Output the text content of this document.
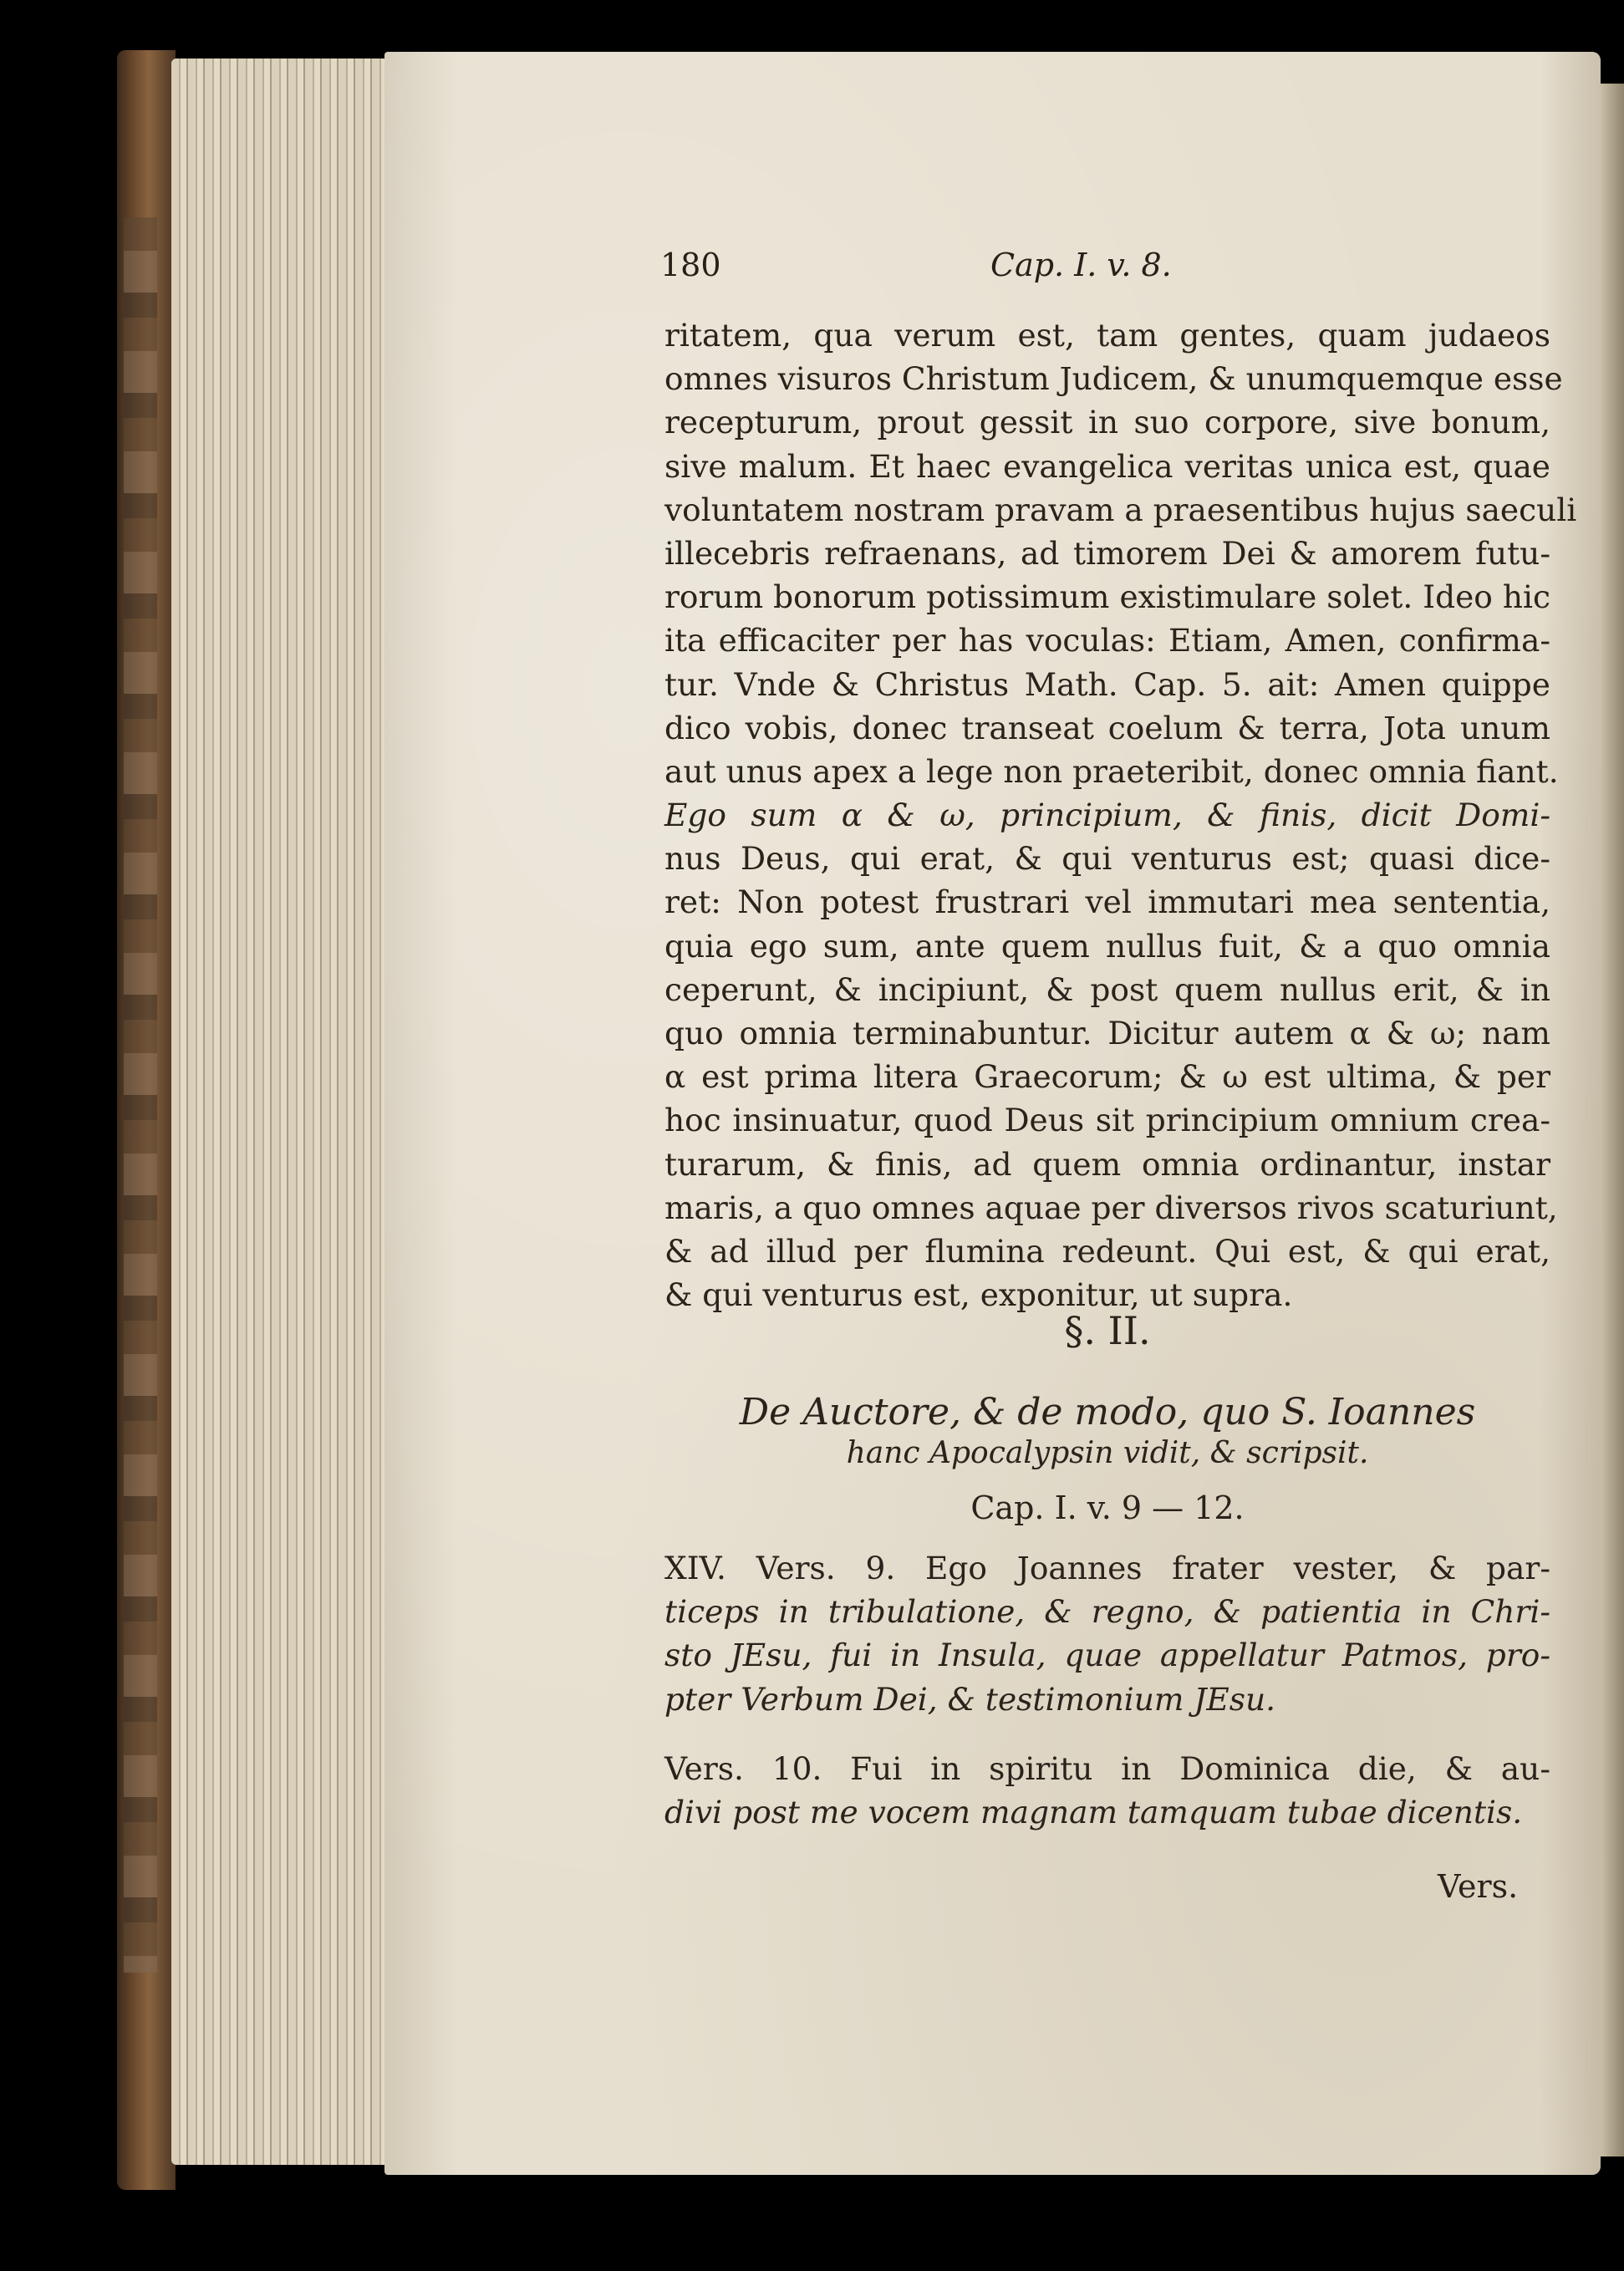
180	Cap. I. v. 8.
ritatem, qua verum est, tam gentes, quam judaeos
omnes visuros Christum Judicem, & unumquemque esse
recepturum, prout gessit in suo corpore, sive bonum,
sive malum. Et haec evangelica veritas unica est, quae
voluntatem nostram pravam a praesentibus hujus saeculi
illecebris refraenans, ad timorem Dei & amorem futu-
rorum bonorum potissimum existimulare solet. Ideo hic
ita efficaciter per has voculas: Etiam, Amen, confirma-
tur. Vnde & Christus Math. Cap. 5. ait: Amen quippe
dico vobis, donec transeat coelum & terra, Jota unum
aut unus apex a lege non praeteribit, donec omnia fiant.
Ego sum α & ω, principium, & finis, dicit Domi-
nus Deus, qui erat, & qui venturus est; quasi dice-
ret: Non potest frustrari vel immutari mea sententia,
quia ego sum, ante quem nullus fuit, & a quo omnia
ceperunt, & incipiunt, & post quem nullus erit, & in
quo omnia terminabuntur. Dicitur autem α & ω; nam
α est prima litera Graecorum; & ω est ultima, & per
hoc insinuatur, quod Deus sit principium omnium crea-
turarum, & finis, ad quem omnia ordinantur, instar
maris, a quo omnes aquae per diversos rivos scaturiunt,
& ad illud per flumina redeunt. Qui est, & qui erat,
& qui venturus est, exponitur, ut supra.
§. II.
De Auctore, & de modo, quo S. Ioannes
hanc Apocalypsin vidit, & scripsit.
Cap. I. v. 9 — 12.
XIV. Vers. 9. Ego Joannes frater vester, & par-
ticeps in tribulatione, & regno, & patientia in Chri-
sto JEsu, fui in Insula, quae appellatur Patmos, pro-
pter Verbum Dei, & testimonium JEsu.
Vers. 10. Fui in spiritu in Dominica die, & au-
divi post me vocem magnam tamquam tubae dicentis.
Vers.
